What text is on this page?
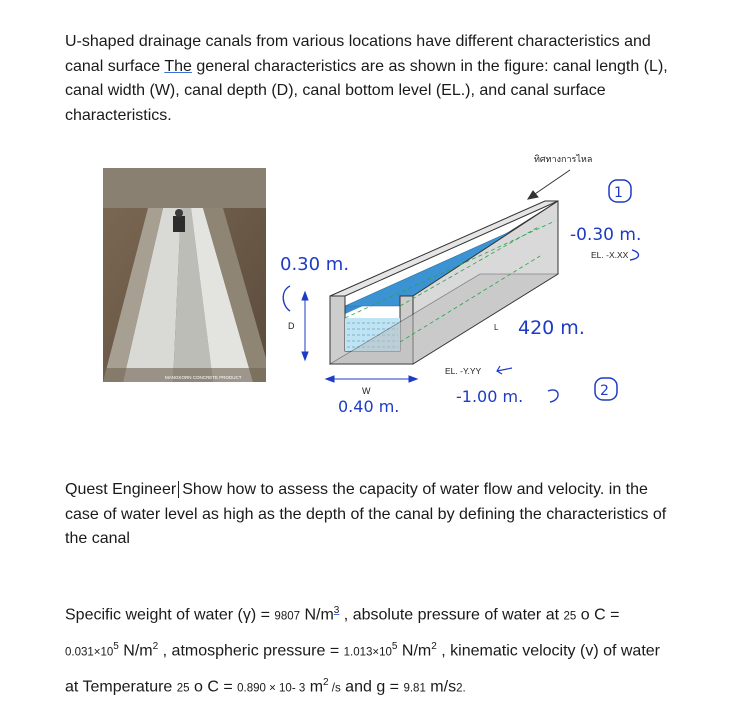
U-shaped drainage canals from various locations have different characteristics and canal surface The general characteristics are as shown in the figure: canal length (L), canal width (W), canal depth (D), canal bottom level (EL.), and canal surface characteristics.
MANGKORN CONCRETE PRODUCT
D
W
L
ทิศทางการไหล
EL. -X.XX
EL. -Y.YY
0.30 m.
0.40 m.
420 m.
-0.30 m.
-1.00 m.
1
2
Quest Engineer Show how to assess the capacity of water flow and velocity. in the case of water level as high as the depth of the canal by defining the characteristics of the canal
Specific weight of water (γ) = 9807 $N/m^3$ , absolute pressure of water at 25 o $C = 0.031\times 10^5$ $N/m^2$ , atmospheric pressure = $1.013\times 10^5$ $N/m^2$ , kinematic velocity (v) of water at Temperature 25 o C = 0.890 × 10- 3 $m^2$ /s and g = 9.81 m/s2.
